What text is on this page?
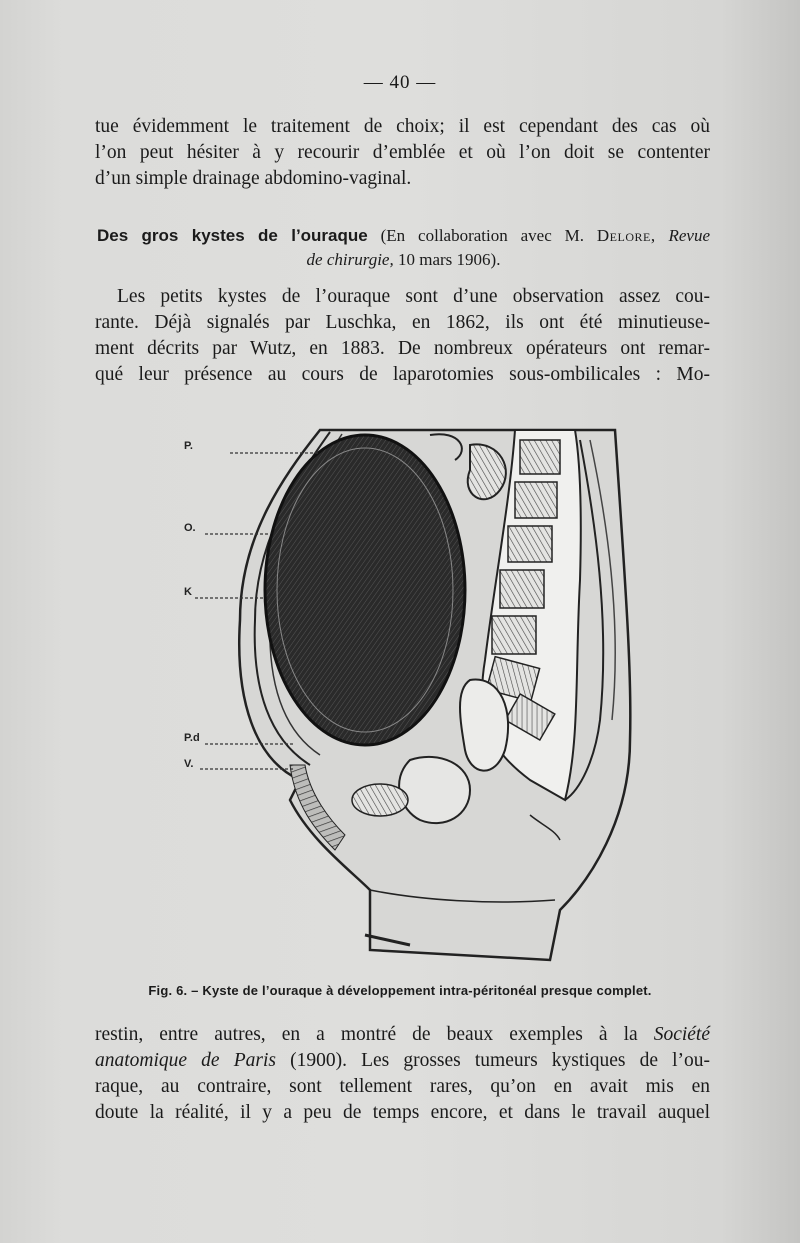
— 40 —

tue évidemment le traitement de choix; il est cependant des cas où
l’on peut hésiter à y recourir d’emblée et où l’on doit se contenter
d’un simple drainage abdomino-vaginal.

Des gros kystes de l’ouraque (En collaboration avec M. Delore, Revue
de chirurgie, 10 mars 1906).

Les petits kystes de l’ouraque sont d’une observation assez cou-
rante. Déjà signalés par Luschka, en 1862, ils ont été minutieuse-
ment décrits par Wutz, en 1883. De nombreux opérateurs ont remar-
qué leur présence au cours de laparotomies sous-ombilicales : Mo-

P.
O.
K
P.d
V.
Fig. 6. – Kyste de l’ouraque à développement intra-péritonéal presque complet.

restin, entre autres, en a montré de beaux exemples à la Société
anatomique de Paris (1900). Les grosses tumeurs kystiques de l’ou-
raque, au contraire, sont tellement rares, qu’on en avait mis en
doute la réalité, il y a peu de temps encore, et dans le travail auquel
